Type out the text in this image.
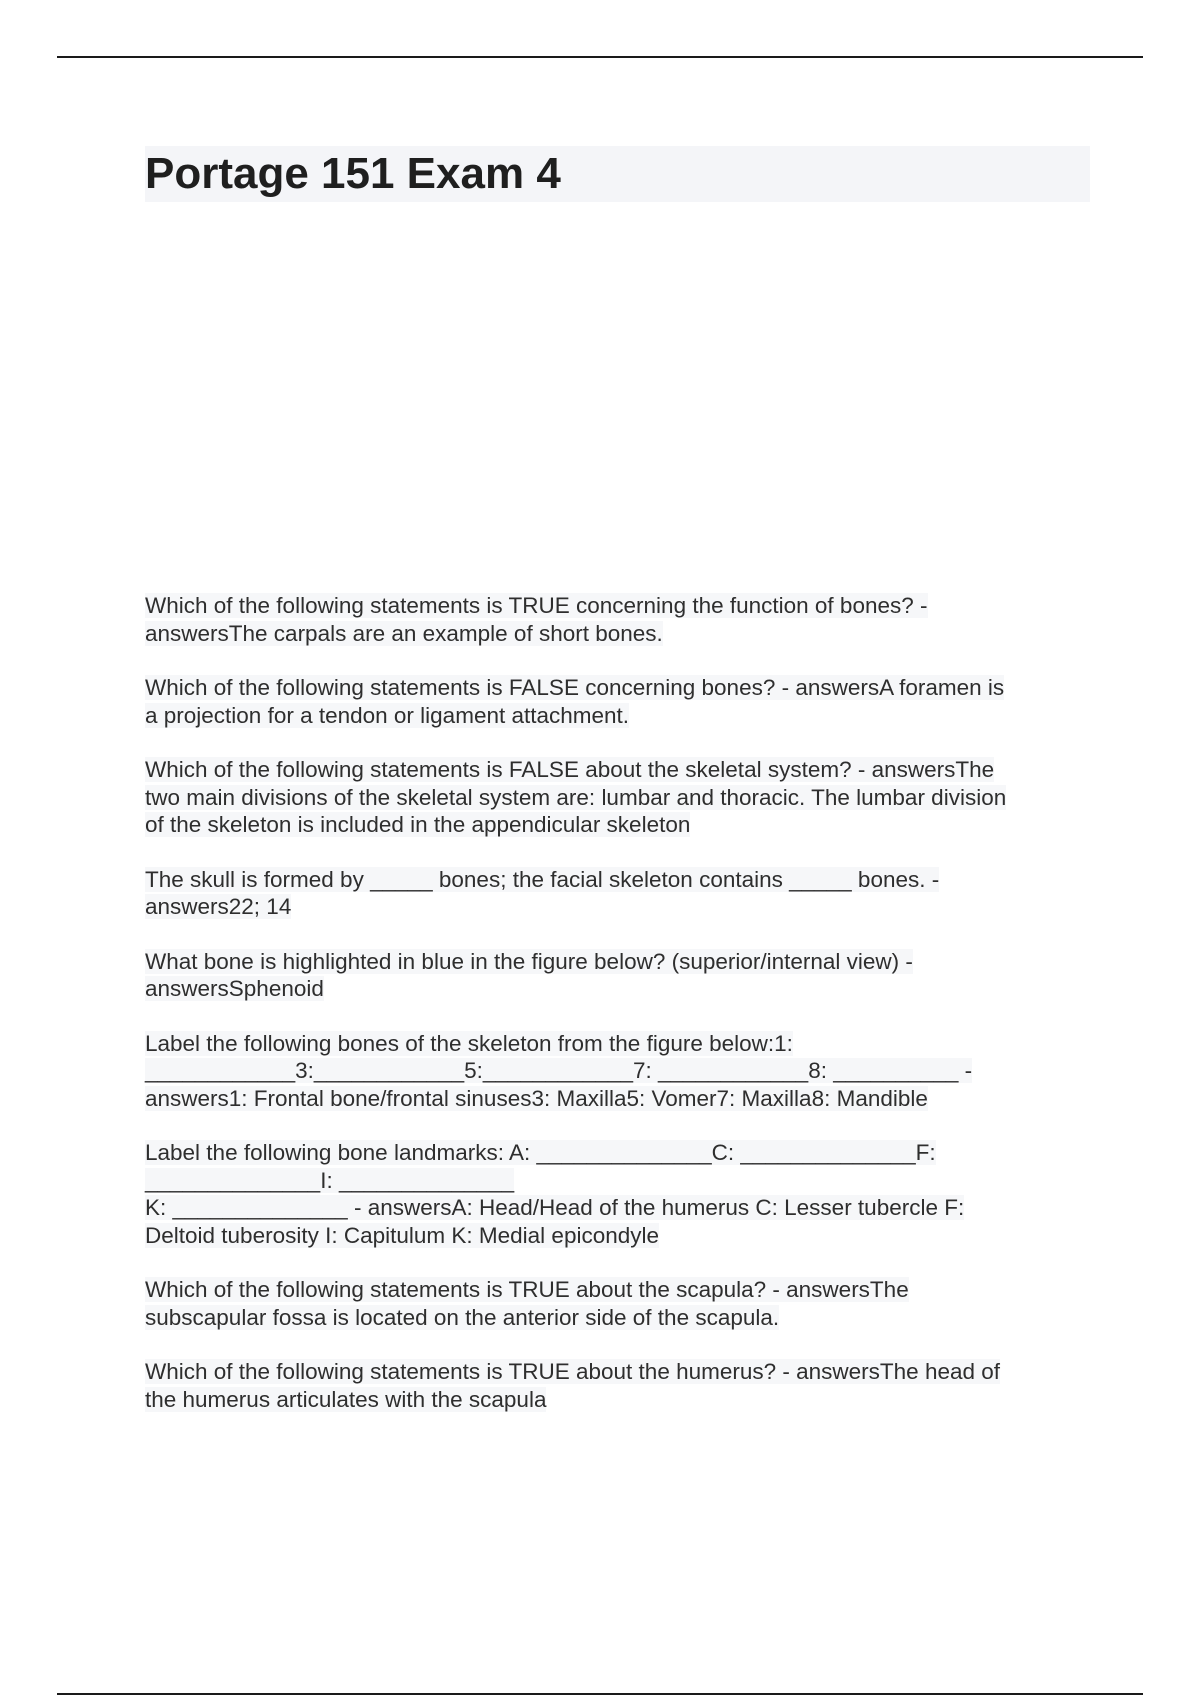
Portage 151 Exam 4

Which of the following statements is TRUE concerning the function of bones? -
answersThe carpals are an example of short bones.

Which of the following statements is FALSE concerning bones? - answersA foramen is
a projection for a tendon or ligament attachment.

Which of the following statements is FALSE about the skeletal system? - answersThe
two main divisions of the skeletal system are: lumbar and thoracic. The lumbar division
of the skeleton is included in the appendicular skeleton

The skull is formed by _____ bones; the facial skeleton contains _____ bones. -
answers22; 14

What bone is highlighted in blue in the figure below? (superior/internal view) -
answersSphenoid

Label the following bones of the skeleton from the figure below:1:
____________3:____________5:____________7: ____________8: __________ -
answers1: Frontal bone/frontal sinuses3: Maxilla5: Vomer7: Maxilla8: Mandible

Label the following bone landmarks: A: ______________C: ______________F:
______________I: ______________
K: ______________ - answersA: Head/Head of the humerus C: Lesser tubercle F:
Deltoid tuberosity I: Capitulum K: Medial epicondyle

Which of the following statements is TRUE about the scapula? - answersThe
subscapular fossa is located on the anterior side of the scapula.

Which of the following statements is TRUE about the humerus? - answersThe head of
the humerus articulates with the scapula
